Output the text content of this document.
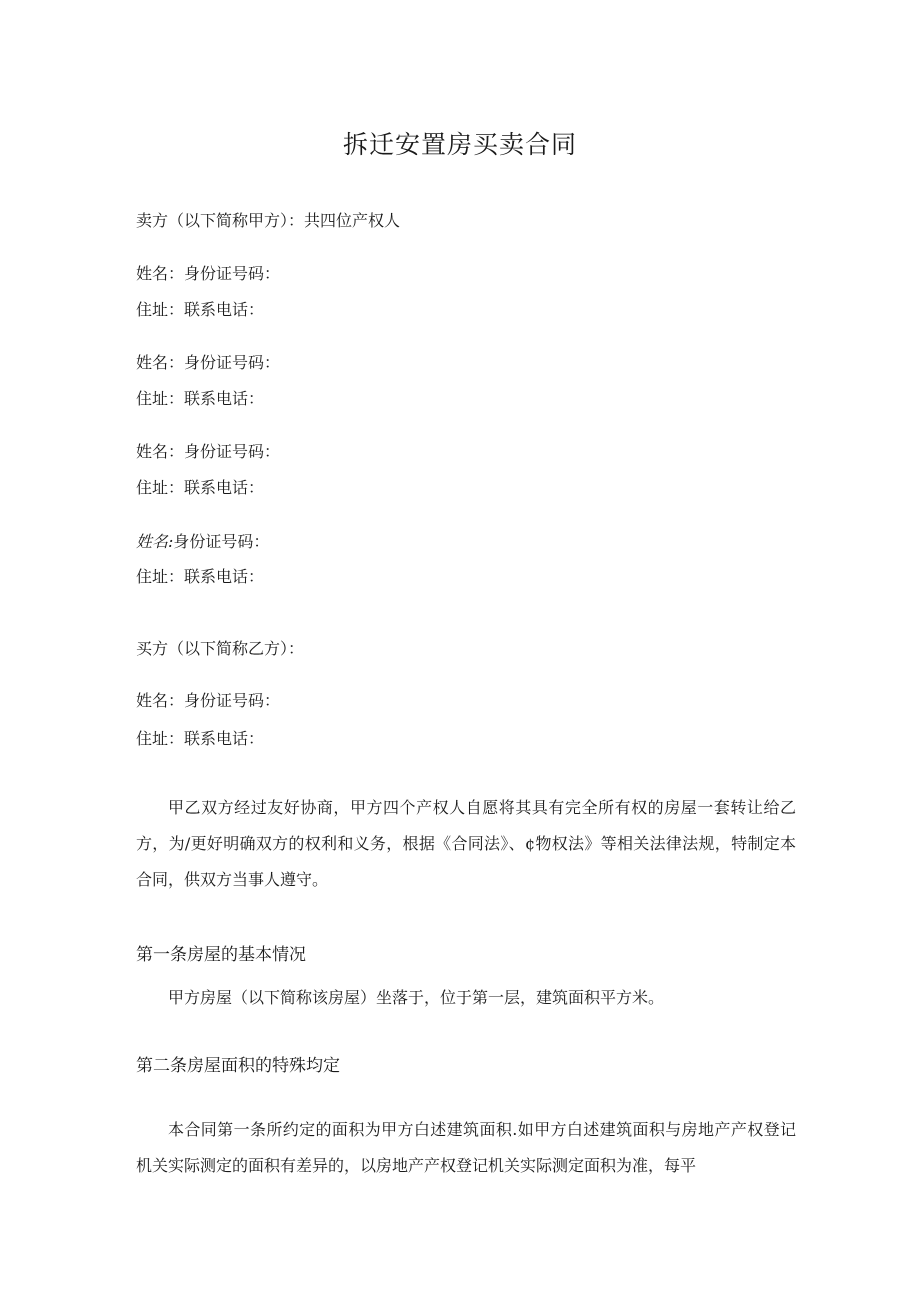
拆迁安置房买卖合同
卖方（以下简称甲方）：共四位产权人
姓名：身份证号码：
住址：联系电话：
姓名：身份证号码：
住址：联系电话：
姓名：身份证号码：
住址：联系电话：
姓名:身份证号码：
住址：联系电话：
买方（以下简称乙方）：
姓名：身份证号码：
住址：联系电话：
甲乙双方经过友好协商，甲方四个产权人自愿将其具有完全所有权的房屋一套转让给乙方，为/更好明确双方的权利和义务，根据《合同法》、¢物权法》等相关法律法规，特制定本合同，供双方当事人遵守。
第一条房屋的基本情况
甲方房屋（以下简称该房屋）坐落于，位于第一层，建筑面积平方米。
第二条房屋面积的特殊均定
本合同第一条所约定的面积为甲方白述建筑面积.如甲方白述建筑面积与房地产产权登记机关实际测定的面积有差异的，以房地产产权登记机关实际测定面积为准，每平
